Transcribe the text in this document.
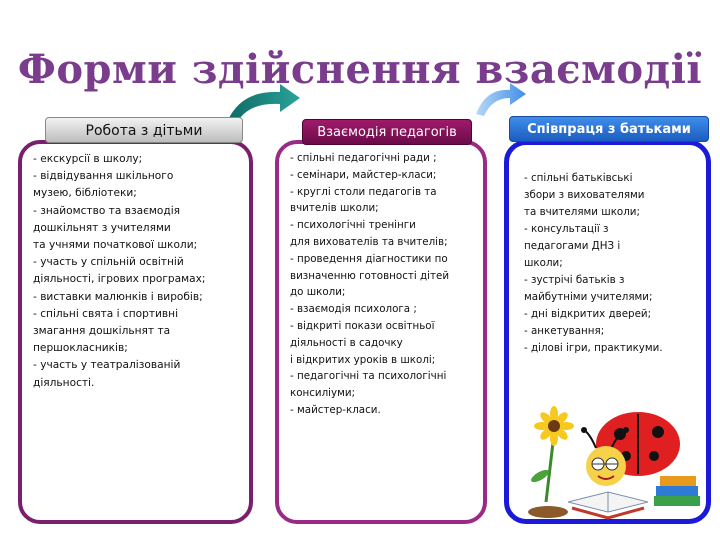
Форми здійснення взаємодії
Робота з дітьми	Взаємодія педагогів	Співпраця з батьками
- екскурсії в школу;
- відвідування шкільного
музею, бібліотеки;
- знайомство та взаємодія
дошкільнят з учителями
та учнями початкової школи;
- участь у спільній освітній
діяльності, ігрових програмах;
- виставки малюнків і виробів;
- спільні свята і спортивні
змагання дошкільнят та
першокласників;
- участь у театралізованій
діяльності.
- спільні педагогічні ради ;
- семінари, майстер-класи;
- круглі столи педагогів та
вчителів школи;
- психологічні тренінги
для вихователів та вчителів;
- проведення діагностики по
визначенню готовності дітей
до школи;
- взаємодія психолога ;
- відкриті покази освітньої
діяльності в садочку
і відкритих уроків в школі;
- педагогічні та психологічні
консиліуми;
- майстер-класи.
- спільні батьківські
збори з вихователями
та вчителями школи;
- консультації з
педагогами ДНЗ і
школи;
- зустрічі батьків з
майбутніми учителями;
- дні відкритих дверей;
- анкетування;
- ділові ігри, практикуми.
